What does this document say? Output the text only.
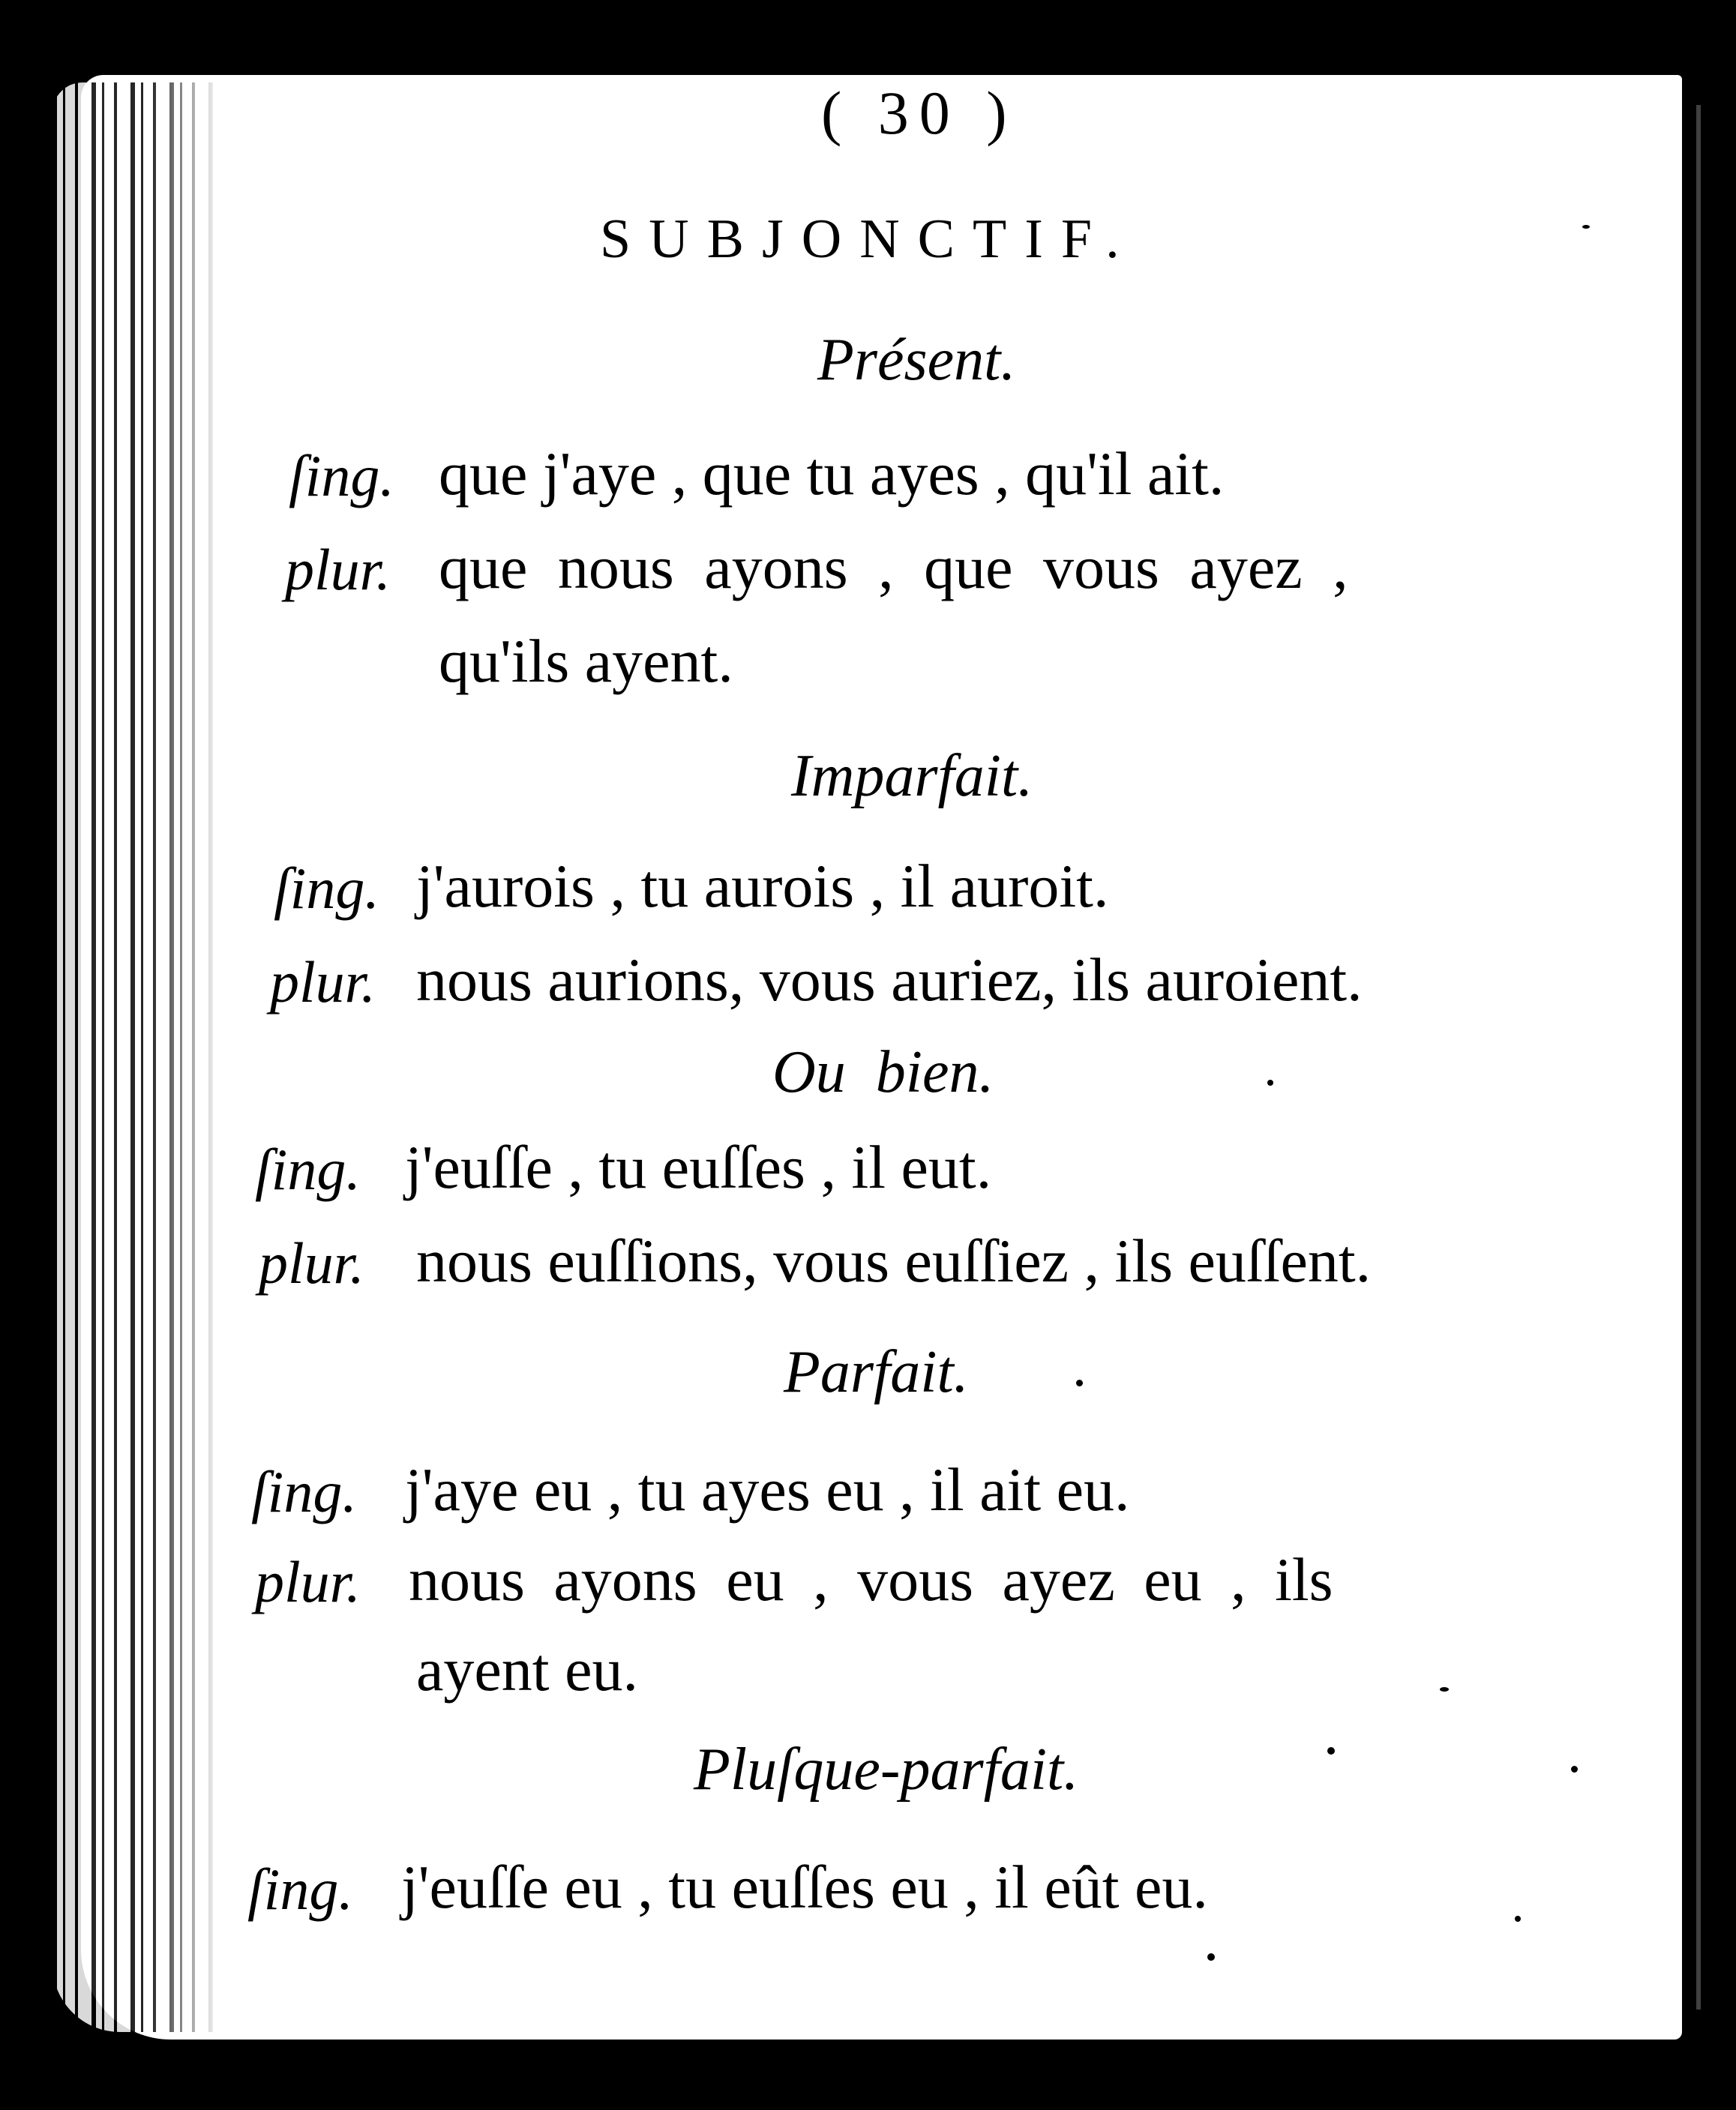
( 30 )
SUBJONCTIF.
Présent.
ſing. que j'aye , que tu ayes , qu'il ait.
plur. que nous ayons , que vous ayez ,
qu'ils ayent.
Imparfait.
ſing. j'aurois , tu aurois , il auroit.
plur. nous aurions, vous auriez, ils auroient.
Ou bien.
ſing. j'euſſe , tu euſſes , il eut.
plur. nous euſſions, vous euſſiez , ils euſſent.
Parfait.
ſing. j'aye eu , tu ayes eu , il ait eu.
plur. nous ayons eu , vous ayez eu , ils
ayent eu.
Pluſque-parfait.
ſing. j'euſſe eu , tu euſſes eu , il eût eu.
